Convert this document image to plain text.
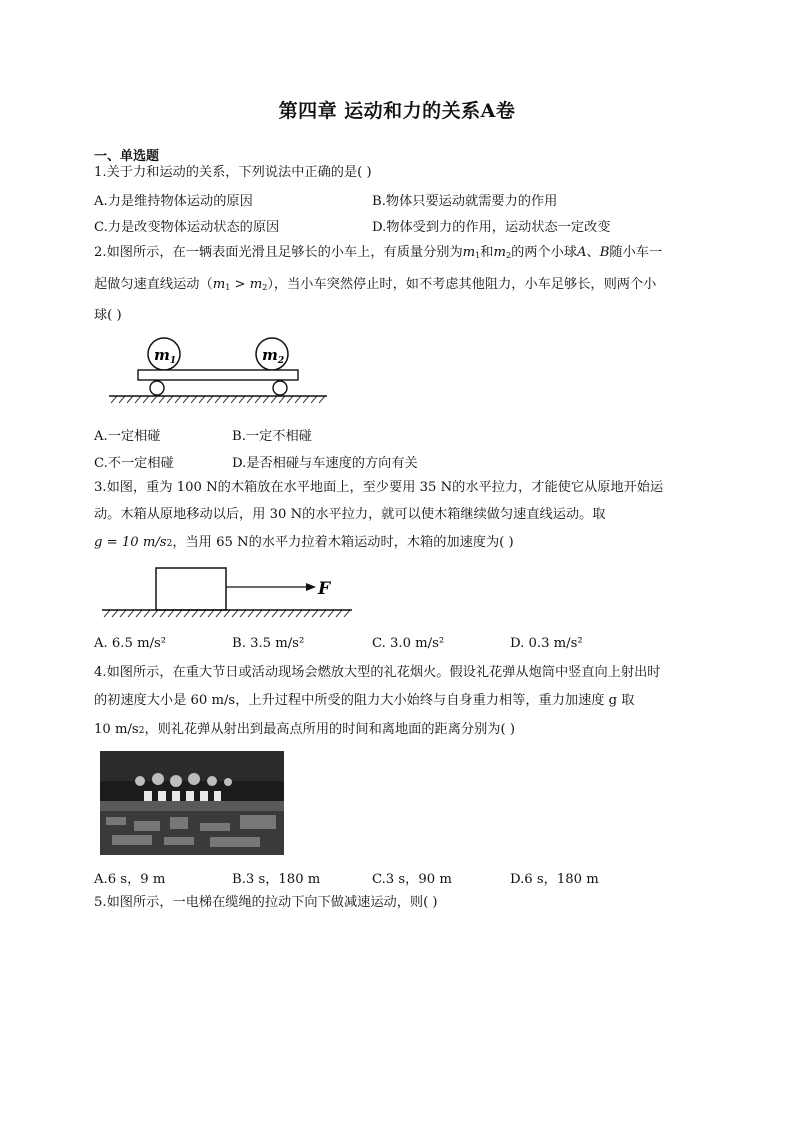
第四章 运动和力的关系A卷
一、单选题
1.关于力和运动的关系，下列说法中正确的是( )
A.力是维持物体运动的原因	B.物体只要运动就需要力的作用
C.力是改变物体运动状态的原因	D.物体受到力的作用，运动状态一定改变
2.如图所示，在一辆表面光滑且足够长的小车上，有质量分别为$m_1$和$m_2$的两个小球A、B随小车一
起做匀速直线运动$(m_1 > m_2)$，当小车突然停止时，如不考虑其他阻力，小车足够长，则两个小
球( )
$m_1$	$m_2$
A.一定相碰	B.一定不相碰
C.不一定相碰	D.是否相碰与车速度的方向有关
3.如图，重为 100 N的木箱放在水平地面上，至少要用 35 N的水平拉力，才能使它从原地开始运
动。木箱从原地移动以后，用 30 N的水平拉力，就可以使木箱继续做匀速直线运动。取
g = 10 m/s2，当用 65 N的水平力拉着木箱运动时，木箱的加速度为( )
F
A. 6.5 m/s²	B. 3.5 m/s²	C. 3.0 m/s²	D. 0.3 m/s²
4.如图所示，在重大节日或活动现场会燃放大型的礼花烟火。假设礼花弹从炮筒中竖直向上射出时
的初速度大小是 60 m/s，上升过程中所受的阻力大小始终与自身重力相等，重力加速度 g 取
10 m/s2，则礼花弹从射出到最高点所用的时间和离地面的距离分别为( )
A.6 s，9 m	B.3 s，180 m	C.3 s，90 m	D.6 s，180 m
5.如图所示，一电梯在缆绳的拉动下向下做减速运动，则( )
